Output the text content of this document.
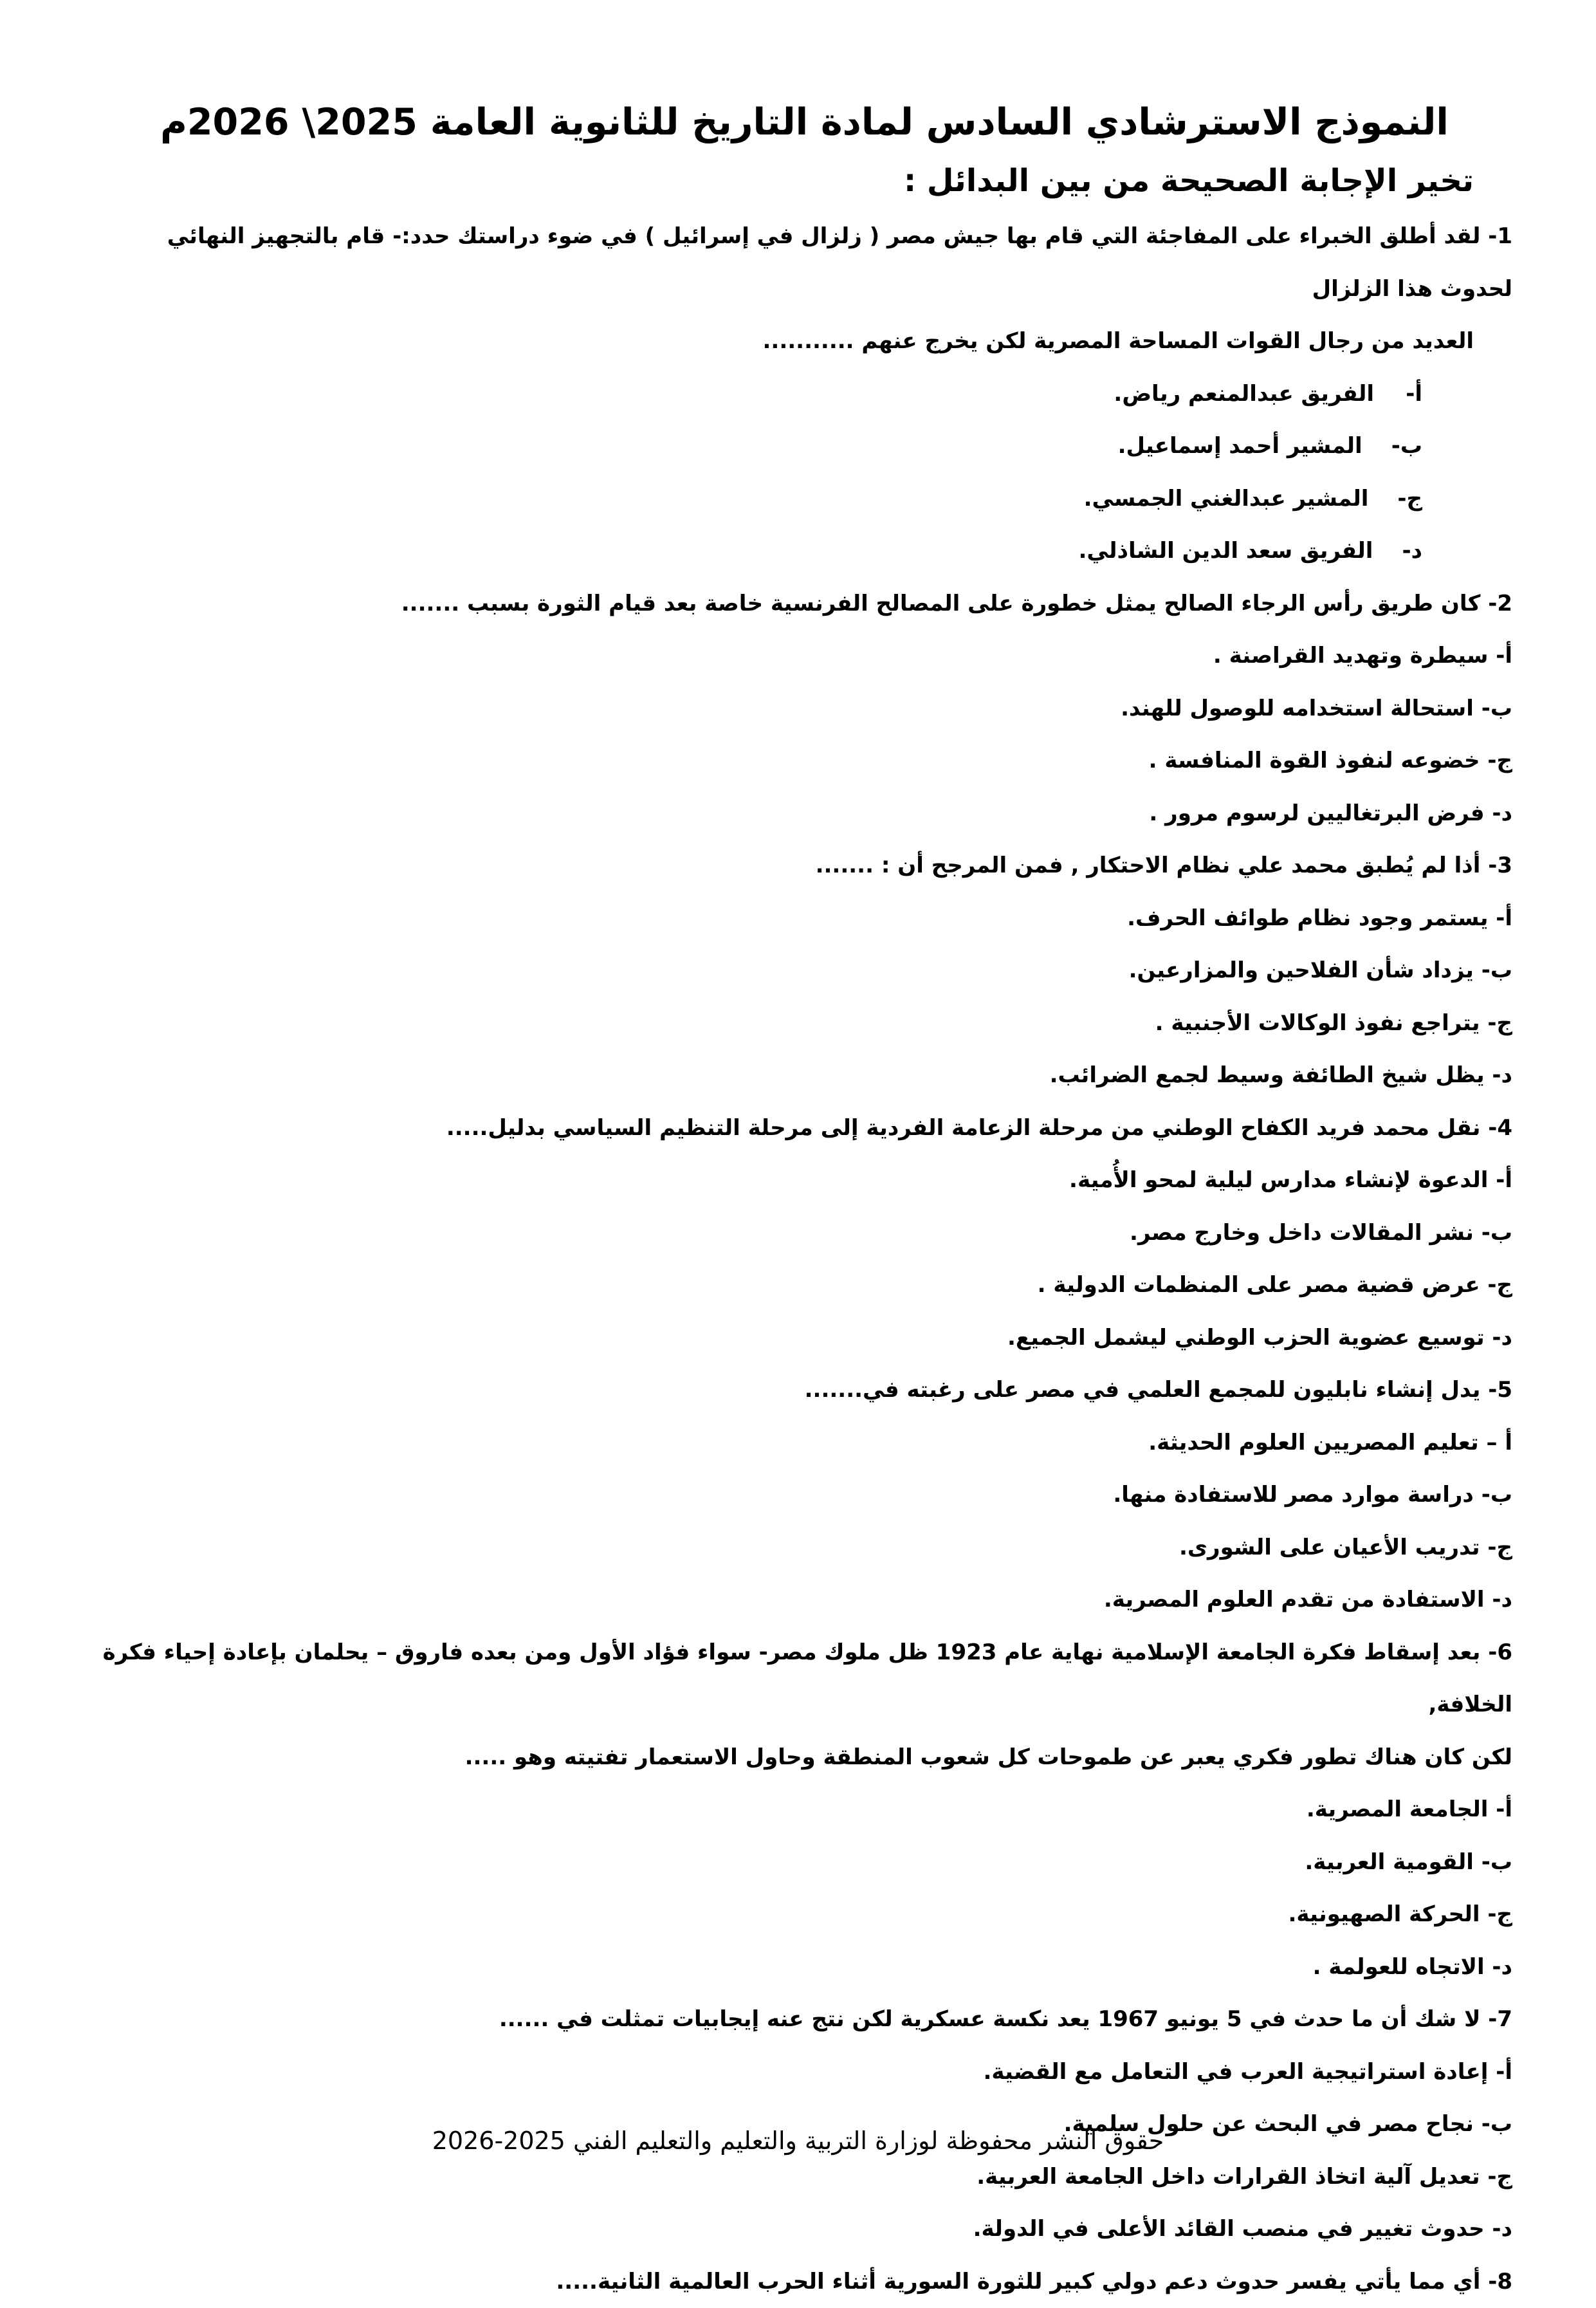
النموذج الاسترشادي السادس لمادة التاريخ للثانوية العامة 2025\ 2026م
تخير الإجابة الصحيحة من بين البدائل :
1- لقد أطلق الخبراء على المفاجئة التي قام بها جيش مصر ( زلزال في إسرائيل ) في ضوء دراستك حدد:- قام بالتجهيز النهائي لحدوث هذا الزلزال
العديد من رجال القوات المساحة المصرية لكن يخرج عنهم ...........
أ-
الفريق عبدالمنعم رياض.
ب-
المشير أحمد إسماعيل.
ج-
المشير عبدالغني الجمسي.
د-
الفريق سعد الدين الشاذلي.
2- كان طريق رأس الرجاء الصالح يمثل خطورة على المصالح الفرنسية خاصة بعد قيام الثورة بسبب .......
أ- سيطرة وتهديد القراصنة .
ب- استحالة استخدامه للوصول للهند.
ج- خضوعه لنفوذ القوة المنافسة .
د- فرض البرتغاليين لرسوم مرور .
3- أذا لم يُطبق محمد علي نظام الاحتكار , فمن المرجح أن : .......
أ- يستمر وجود نظام طوائف الحرف.
ب- يزداد شأن الفلاحين والمزارعين.
ج- يتراجع نفوذ الوكالات الأجنبية .
د- يظل شيخ الطائفة وسيط لجمع الضرائب.
4- نقل محمد فريد الكفاح الوطني من مرحلة الزعامة الفردية إلى مرحلة التنظيم السياسي بدليل.....
أ- الدعوة لإنشاء مدارس ليلية لمحو الأُمية.
ب- نشر المقالات داخل وخارج مصر.
ج- عرض قضية مصر على المنظمات الدولية .
د- توسيع عضوية الحزب الوطني ليشمل الجميع.
5- يدل إنشاء نابليون للمجمع العلمي في مصر على رغبته في.......
أ – تعليم المصريين العلوم الحديثة.
ب- دراسة موارد مصر للاستفادة منها.
ج- تدريب الأعيان على الشورى.
د- الاستفادة من تقدم العلوم المصرية.
6- بعد إسقاط فكرة الجامعة الإسلامية نهاية عام 1923 ظل ملوك مصر- سواء فؤاد الأول ومن بعده فاروق – يحلمان بإعادة إحياء فكرة الخلافة,
لكن كان هناك تطور فكري يعبر عن طموحات كل شعوب المنطقة وحاول الاستعمار تفتيته وهو .....
أ- الجامعة المصرية.
ب- القومية العربية.
ج- الحركة الصهيونية.
د- الاتجاه للعولمة .
7- لا شك أن ما حدث في 5 يونيو 1967 يعد نكسة عسكرية لكن نتج عنه إيجابيات تمثلت في ......
أ- إعادة استراتيجية العرب في التعامل مع القضية.
ب- نجاح مصر في البحث عن حلول سلمية.
ج- تعديل آلية اتخاذ القرارات داخل الجامعة العربية.
د- حدوث تغيير في منصب القائد الأعلى في الدولة.
8- أي مما يأتي يفسر حدوث دعم دولي كبير للثورة السورية أثناء الحرب العالمية الثانية.....
حقوق النشر محفوظة لوزارة التربية والتعليم والتعليم الفني 2025-2026
